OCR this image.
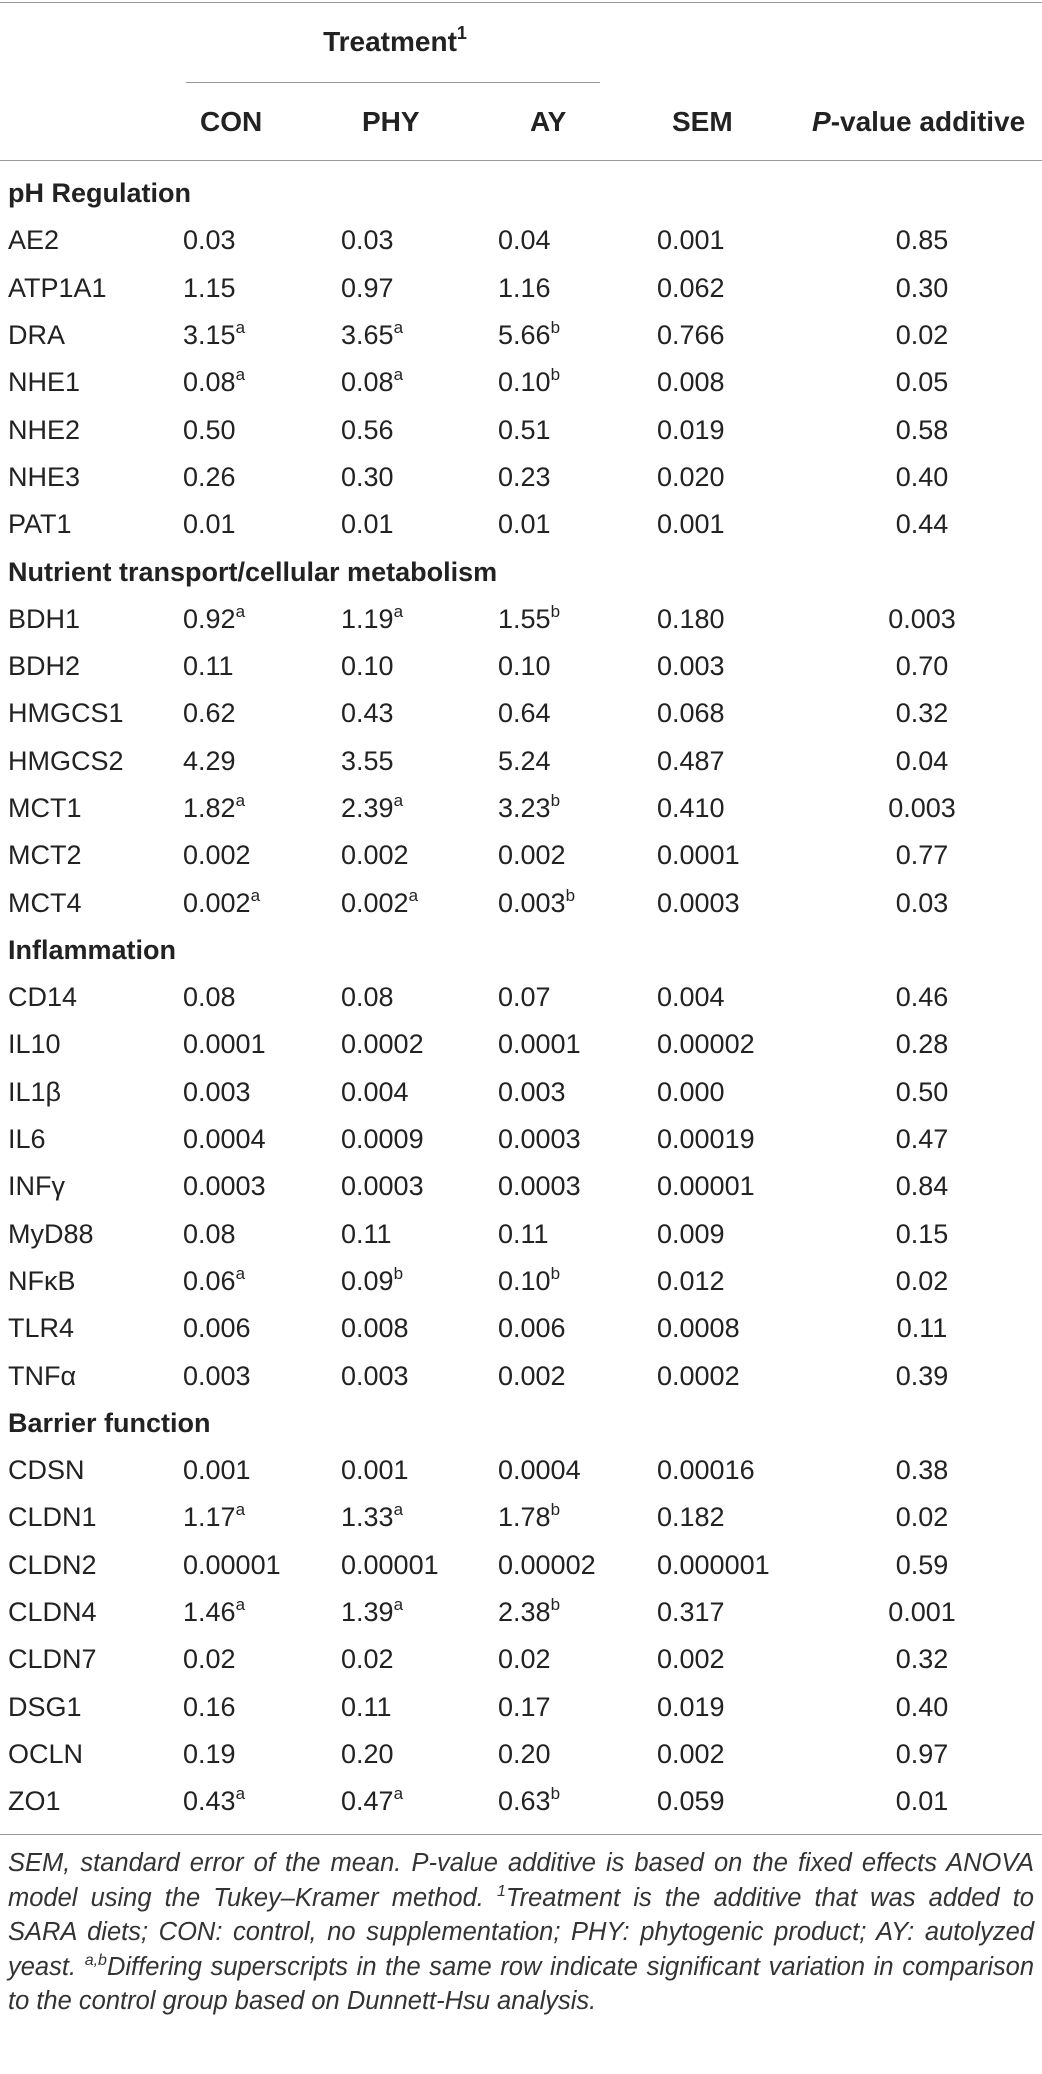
Treatment$^1$
CON	PHY	AY	SEM	P-value additive
pH Regulation					
AE2	0.03	0.03	0.04	0.001	0.85
ATP1A1	1.15	0.97	1.16	0.062	0.30
DRA	3.15$^a$	3.65$^a$	5.66$^b$	0.766	0.02
NHE1	0.08$^a$	0.08$^a$	0.10$^b$	0.008	0.05
NHE2	0.50	0.56	0.51	0.019	0.58
NHE3	0.26	0.30	0.23	0.020	0.40
PAT1	0.01	0.01	0.01	0.001	0.44
Nutrient transport/cellular metabolism					
BDH1	0.92$^a$	1.19$^a$	1.55$^b$	0.180	0.003
BDH2	0.11	0.10	0.10	0.003	0.70
HMGCS1	0.62	0.43	0.64	0.068	0.32
HMGCS2	4.29	3.55	5.24	0.487	0.04
MCT1	1.82$^a$	2.39$^a$	3.23$^b$	0.410	0.003
MCT2	0.002	0.002	0.002	0.0001	0.77
MCT4	0.002$^a$	0.002$^a$	0.003$^b$	0.0003	0.03
Inflammation					
CD14	0.08	0.08	0.07	0.004	0.46
IL10	0.0001	0.0002	0.0001	0.00002	0.28
IL1β	0.003	0.004	0.003	0.000	0.50
IL6	0.0004	0.0009	0.0003	0.00019	0.47
INFγ	0.0003	0.0003	0.0003	0.00001	0.84
MyD88	0.08	0.11	0.11	0.009	0.15
NFκB	0.06$^a$	0.09$^b$	0.10$^b$	0.012	0.02
TLR4	0.006	0.008	0.006	0.0008	0.11
TNFα	0.003	0.003	0.002	0.0002	0.39
Barrier function					
CDSN	0.001	0.001	0.0004	0.00016	0.38
CLDN1	1.17$^a$	1.33$^a$	1.78$^b$	0.182	0.02
CLDN2	0.00001	0.00001	0.00002	0.000001	0.59
CLDN4	1.46$^a$	1.39$^a$	2.38$^b$	0.317	0.001
CLDN7	0.02	0.02	0.02	0.002	0.32
DSG1	0.16	0.11	0.17	0.019	0.40
OCLN	0.19	0.20	0.20	0.002	0.97
ZO1	0.43$^a$	0.47$^a$	0.63$^b$	0.059	0.01
SEM, standard error of the mean. P-value additive is based on the fixed effects ANOVA model using the Tukey–Kramer method. $^1$Treatment is the additive that was added to SARA diets; CON: control, no supplementation; PHY: phytogenic product; AY: autolyzed yeast. $^{a,b}$Differing superscripts in the same row indicate significant variation in comparison to the control group based on Dunnett-Hsu analysis.
